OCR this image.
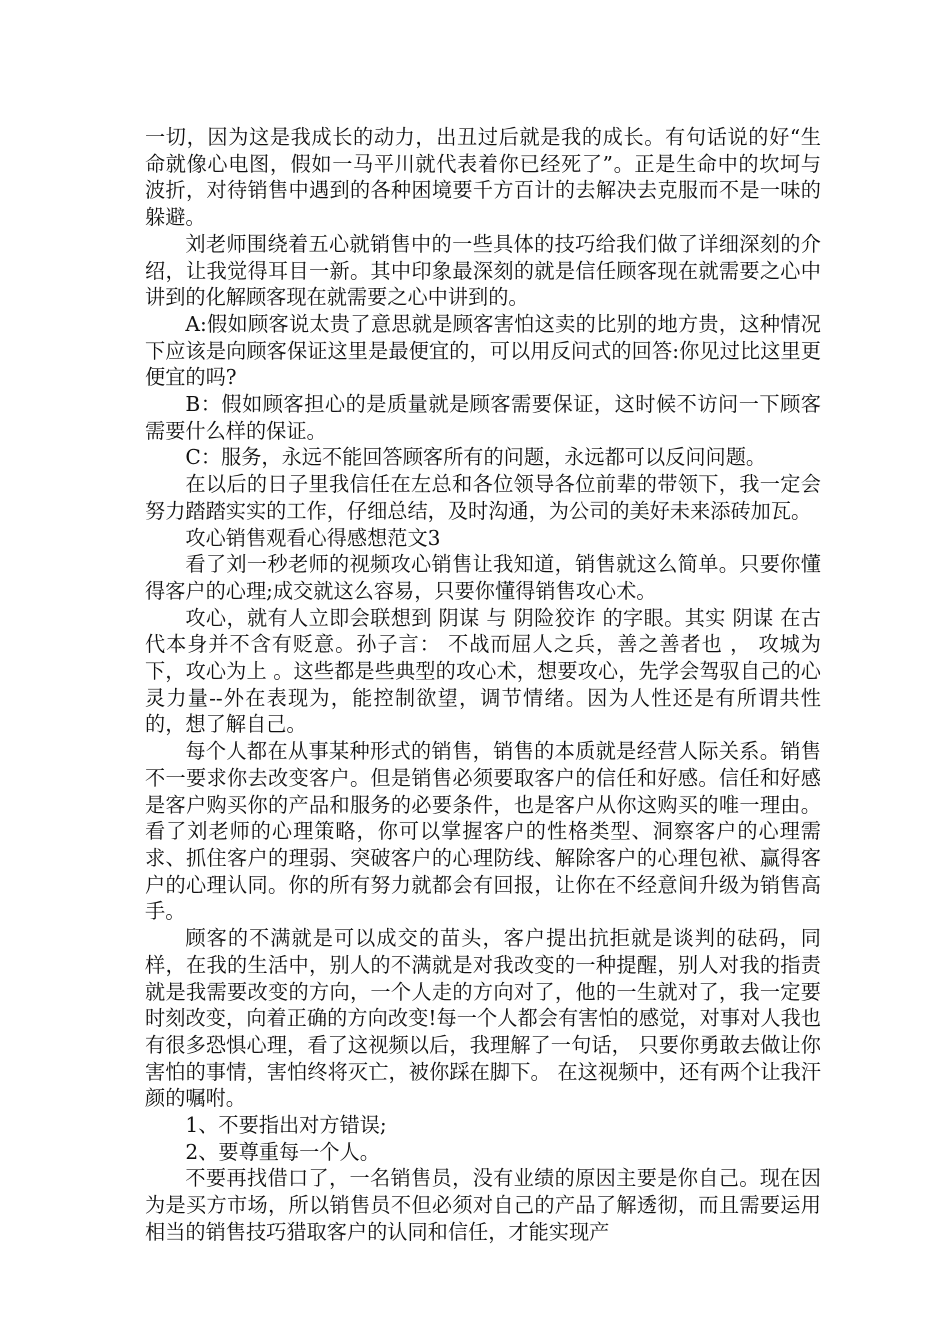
一切，因为这是我成长的动力，出丑过后就是我的成长。有句话说的好“生命就像心电图，假如一马平川就代表着你已经死了”。正是生命中的坎坷与波折，对待销售中遇到的各种困境要千方百计的去解决去克服而不是一味的躲避。

刘老师围绕着五心就销售中的一些具体的技巧给我们做了详细深刻的介绍，让我觉得耳目一新。其中印象最深刻的就是信任顾客现在就需要之心中讲到的化解顾客现在就需要之心中讲到的。

A:假如顾客说太贵了意思就是顾客害怕这卖的比别的地方贵，这种情况下应该是向顾客保证这里是最便宜的，可以用反问式的回答:你见过比这里更便宜的吗?

B：假如顾客担心的是质量就是顾客需要保证，这时候不访问一下顾客需要什么样的保证。

C：服务，永远不能回答顾客所有的问题，永远都可以反问问题。

在以后的日子里我信任在左总和各位领导各位前辈的带领下，我一定会努力踏踏实实的工作，仔细总结，及时沟通，为公司的美好未来添砖加瓦。

攻心销售观看心得感想范文3

看了刘一秒老师的视频攻心销售让我知道，销售就这么简单。只要你懂得客户的心理;成交就这么容易，只要你懂得销售攻心术。

攻心，就有人立即会联想到 阴谋 与 阴险狡诈 的字眼。其实 阴谋 在古代本身并不含有贬意。孙子言： 不战而屈人之兵，善之善者也 ， 攻城为下，攻心为上 。这些都是些典型的攻心术，想要攻心，先学会驾驭自己的心灵力量--外在表现为，能控制欲望，调节情绪。因为人性还是有所谓共性的，想了解自己。

每个人都在从事某种形式的销售，销售的本质就是经营人际关系。销售不一要求你去改变客户。但是销售必须要取客户的信任和好感。信任和好感是客户购买你的产品和服务的必要条件，也是客户从你这购买的唯一理由。看了刘老师的心理策略，你可以掌握客户的性格类型、洞察客户的心理需求、抓住客户的理弱、突破客户的心理防线、解除客户的心理包袱、赢得客户的心理认同。你的所有努力就都会有回报，让你在不经意间升级为销售高手。

顾客的不满就是可以成交的苗头，客户提出抗拒就是谈判的砝码，同样，在我的生活中，别人的不满就是对我改变的一种提醒，别人对我的指责就是我需要改变的方向，一个人走的方向对了，他的一生就对了，我一定要时刻改变，向着正确的方向改变!每一个人都会有害怕的感觉，对事对人我也有很多恐惧心理，看了这视频以后，我理解了一句话， 只要你勇敢去做让你害怕的事情，害怕终将灭亡，被你踩在脚下。 在这视频中，还有两个让我汗颜的嘱咐。

1、不要指出对方错误;

2、要尊重每一个人。

不要再找借口了，一名销售员，没有业绩的原因主要是你自己。现在因为是买方市场，所以销售员不但必须对自己的产品了解透彻，而且需要运用相当的销售技巧猎取客户的认同和信任，才能实现产
